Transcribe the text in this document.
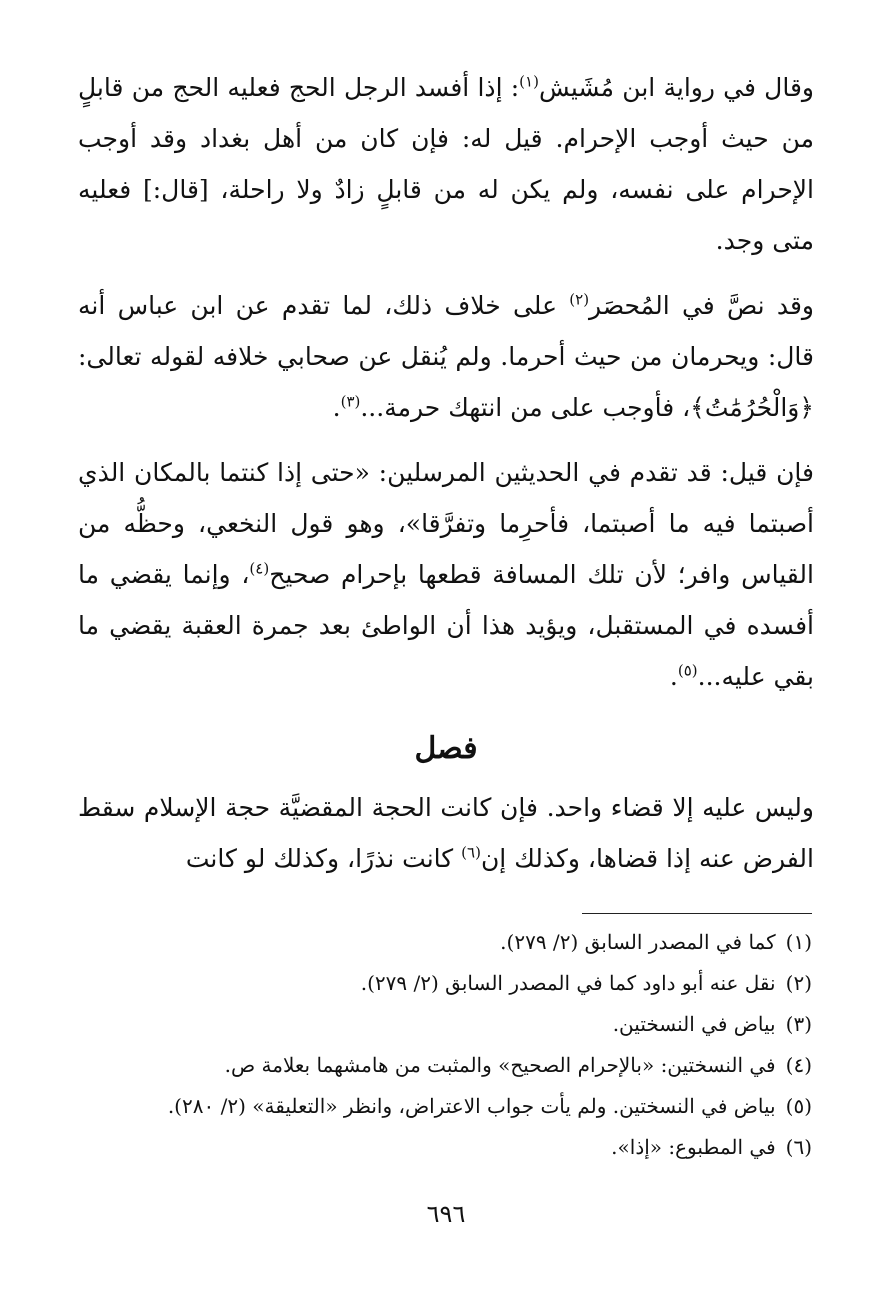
وقال في رواية ابن مُشَيش$^{(١)}$: إذا أفسد الرجل الحج فعليه الحج من قابلٍ من حيث أوجب الإحرام. قيل له: فإن كان من أهل بغداد وقد أوجب الإحرام على نفسه، ولم يكن له من قابلٍ زادٌ ولا راحلة، [قال:] فعليه متى وجد.

وقد نصَّ في المُحصَر$^{(٢)}$ على خلاف ذلك، لما تقدم عن ابن عباس أنه قال: ويحرمان من حيث أحرما. ولم يُنقل عن صحابي خلافه لقوله تعالى: ﴿وَالْحُرُمَٰتُ﴾، فأوجب على من انتهك حرمة...$^{(٣)}$.

فإن قيل: قد تقدم في الحديثين المرسلين: «حتى إذا كنتما بالمكان الذي أصبتما فيه ما أصبتما، فأحرِما وتفرَّقا»، وهو قول النخعي، وحظُّه من القياس وافر؛ لأن تلك المسافة قطعها بإحرام صحيح$^{(٤)}$، وإنما يقضي ما أفسده في المستقبل، ويؤيد هذا أن الواطئ بعد جمرة العقبة يقضي ما بقي عليه...$^{(٥)}$.

فصل

وليس عليه إلا قضاء واحد. فإن كانت الحجة المقضيَّة حجة الإسلام سقط الفرض عنه إذا قضاها، وكذلك إن$^{(٦)}$ كانت نذرًا، وكذلك لو كانت

(١)كما في المصدر السابق (٢/ ٢٧٩).

(٢)نقل عنه أبو داود كما في المصدر السابق (٢/ ٢٧٩).

(٣)بياض في النسختين.

(٤)في النسختين: «بالإحرام الصحيح» والمثبت من هامشهما بعلامة ص.

(٥)بياض في النسختين. ولم يأت جواب الاعتراض، وانظر «التعليقة» (٢/ ٢٨٠).

(٦)في المطبوع: «إذا».

٦٩٦
